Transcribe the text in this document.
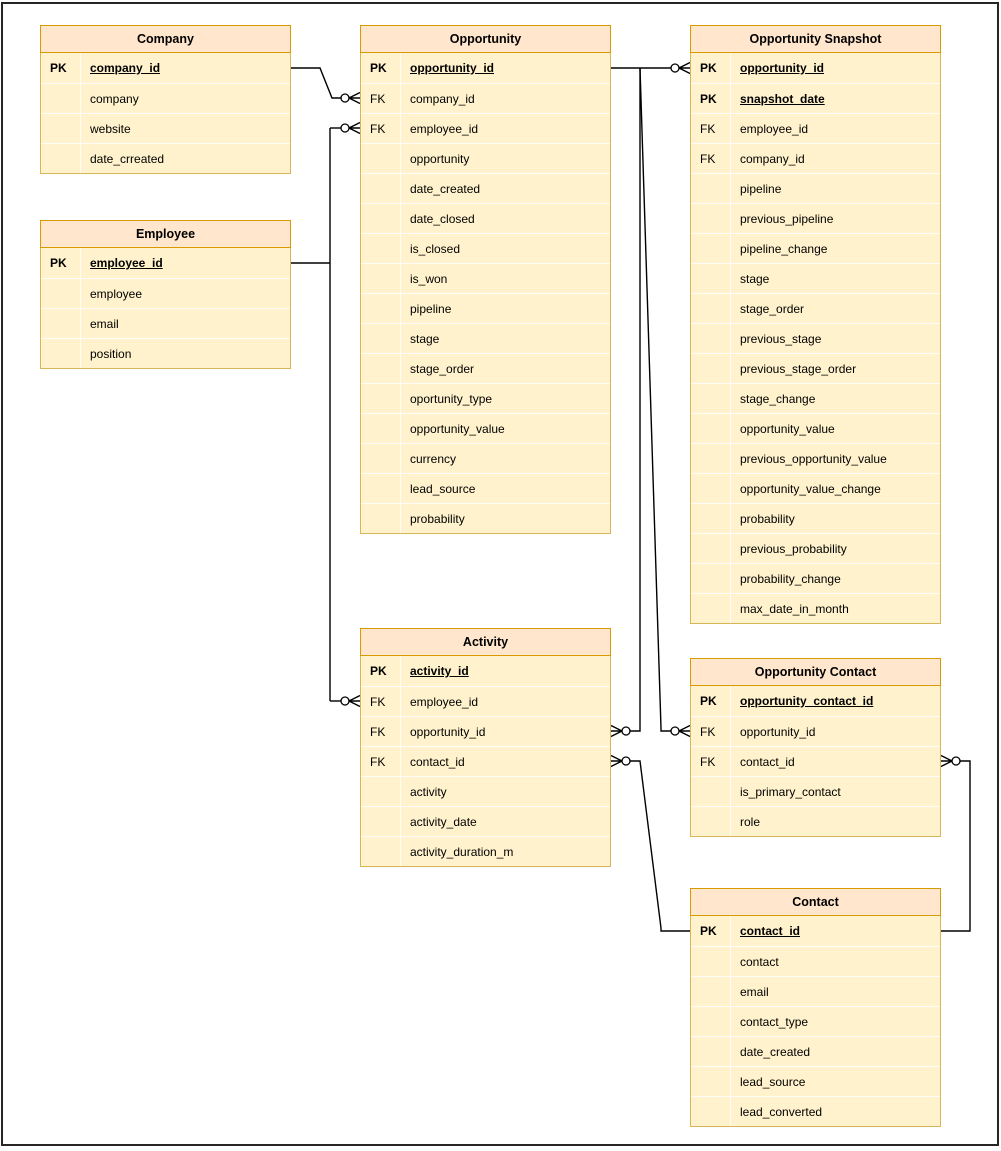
Company
PK	company_id
company
website
date_crreated
Employee
PK	employee_id
employee
email
position
Opportunity
PK	opportunity_id
FK	company_id
FK	employee_id
opportunity
date_created
date_closed
is_closed
is_won
pipeline
stage
stage_order
oportunity_type
opportunity_value
currency
lead_source
probability
Opportunity Snapshot
PK	opportunity_id
PK	snapshot_date
FK	employee_id
FK	company_id
pipeline
previous_pipeline
pipeline_change
stage
stage_order
previous_stage
previous_stage_order
stage_change
opportunity_value
previous_opportunity_value
opportunity_value_change
probability
previous_probability
probability_change
max_date_in_month
Activity
PK	activity_id
FK	employee_id
FK	opportunity_id
FK	contact_id
activity
activity_date
activity_duration_m
Opportunity Contact
PK	opportunity_contact_id
FK	opportunity_id
FK	contact_id
is_primary_contact
role
Contact
PK	contact_id
contact
email
contact_type
date_created
lead_source
lead_converted
